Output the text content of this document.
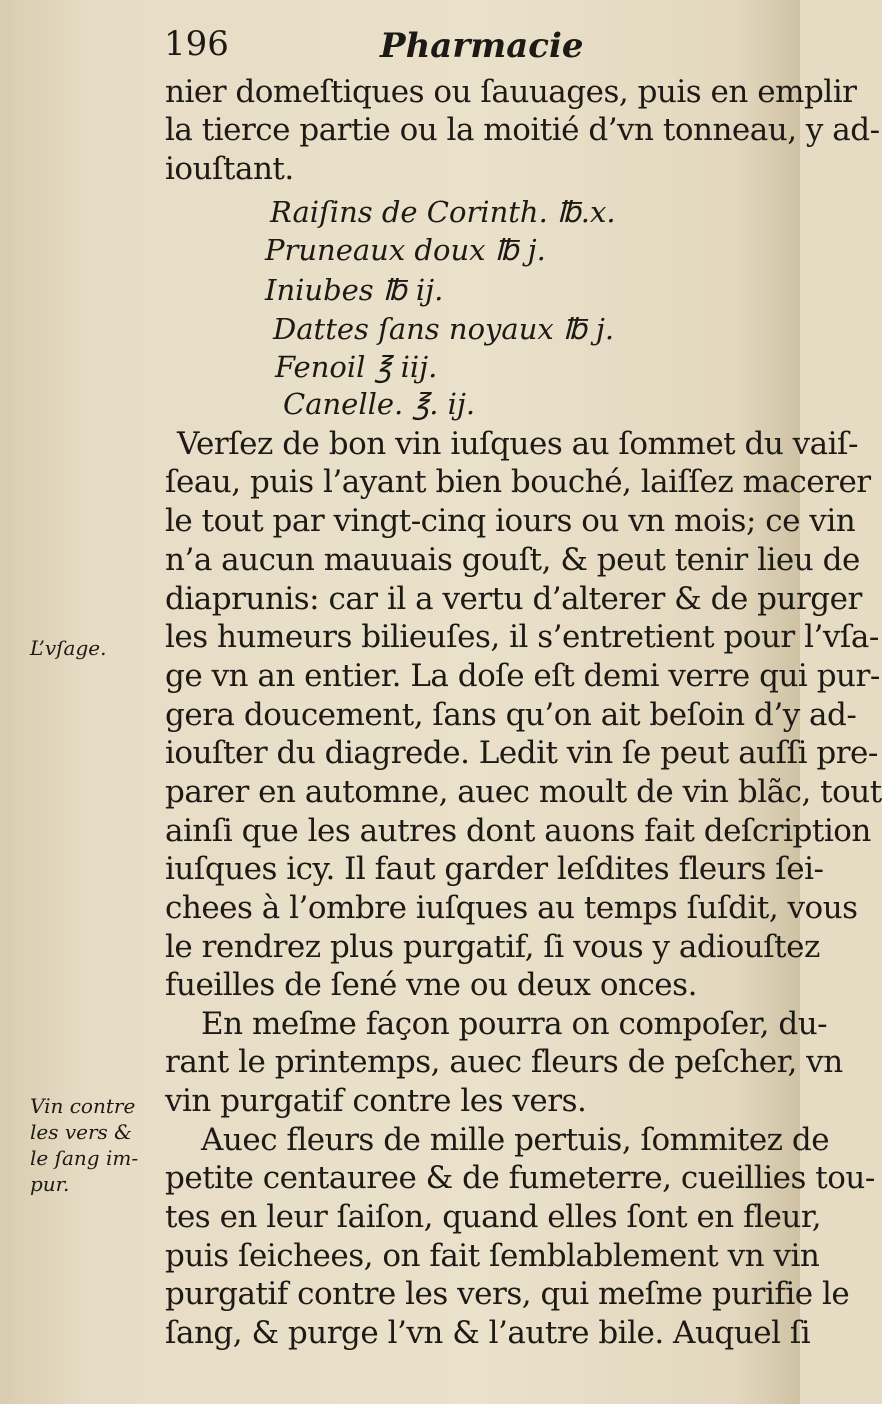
196	Pharmacie
nier domeſtiques ou ſauuages, puis en emplir
la tierce partie ou la moitié d’vn tonneau, y ad-
iouſtant.
Raiſins de Corinth. ℔.x.
Pruneaux doux ℔ j.
Iniubes ℔ ij.
Dattes ſans noyaux ℔ j.
Fenoil ℥ iij.
Canelle. ℥. ij.
Verſez de bon vin iuſques au ſommet du vaiſ-
ſeau, puis l’ayant bien bouché, laiſſez macerer
le tout par vingt-cinq iours ou vn mois; ce vin
n’a aucun mauuais gouſt, & peut tenir lieu de
diaprunis: car il a vertu d’alterer & de purger
les humeurs bilieuſes, il s’entretient pour l’vſa-
ge vn an entier. La doſe eſt demi verre qui pur-
gera doucement, ſans qu’on ait beſoin d’y ad-
iouſter du diagrede. Ledit vin ſe peut auſſi pre-
parer en automne, auec moult de vin blãc, tout
ainſi que les autres dont auons fait deſcription
iuſques icy. Il faut garder leſdites fleurs ſei-
chees à l’ombre iuſques au temps ſuſdit, vous
le rendrez plus purgatif, ſi vous y adiouſtez
fueilles de ſené vne ou deux onces.
En meſme façon pourra on compoſer, du-
rant le printemps, auec fleurs de peſcher, vn
vin purgatif contre les vers.
Auec fleurs de mille pertuis, ſommitez de
petite centauree & de fumeterre, cueillies tou-
tes en leur ſaiſon, quand elles ſont en fleur,
puis ſeichees, on fait ſemblablement vn vin
purgatif contre les vers, qui meſme purifie le
ſang, & purge l’vn & l’autre bile. Auquel ſi
L’vſage.
Vin contre
les vers &
le ſang im-
pur.
